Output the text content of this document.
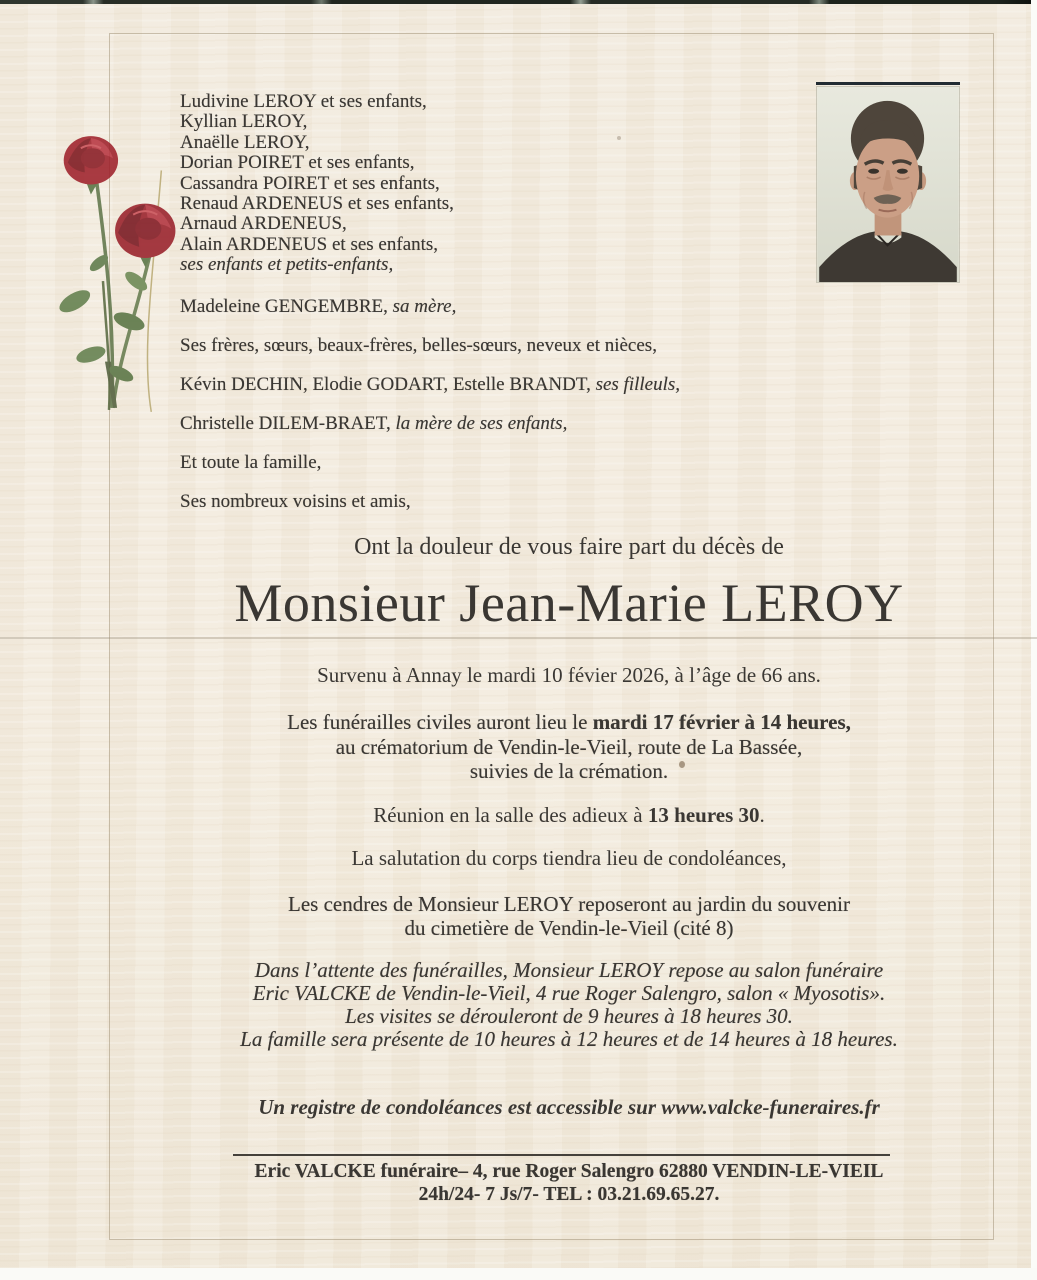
Ludivine LEROY et ses enfants,

Kyllian LEROY,

Anaëlle LEROY,

Dorian POIRET et ses enfants,

Cassandra POIRET et ses enfants,

Renaud ARDENEUS et ses enfants,

Arnaud ARDENEUS,

Alain ARDENEUS et ses enfants,

ses enfants et petits-enfants,

Madeleine GENGEMBRE, sa mère,

Ses frères, sœurs, beaux-frères, belles-sœurs, neveux et nièces,

Kévin DECHIN, Elodie GODART, Estelle BRANDT, ses filleuls,

Christelle DILEM-BRAET, la mère de ses enfants,

Et toute la famille,

Ses nombreux voisins et amis,

Ont la douleur de vous faire part du décès de

Monsieur Jean-Marie LEROY

Survenu à Annay le mardi 10 févier 2026, à l’âge de 66 ans.

Les funérailles civiles auront lieu le mardi 17 février à 14 heures,

au crématorium de Vendin-le-Vieil, route de La Bassée,

suivies de la crémation.

Réunion en la salle des adieux à 13 heures 30.

La salutation du corps tiendra lieu de condoléances,

Les cendres de Monsieur LEROY reposeront au jardin du souvenir

du cimetière de Vendin-le-Vieil (cité 8)

Dans l’attente des funérailles, Monsieur LEROY repose au salon funéraire

Eric VALCKE de Vendin-le-Vieil, 4 rue Roger Salengro, salon « Myosotis».

Les visites se dérouleront de 9 heures à 18 heures 30.

La famille sera présente de 10 heures à 12 heures et de 14 heures à 18 heures.

Un registre de condoléances est accessible sur www.valcke-funeraires.fr

Eric VALCKE funéraire– 4, rue Roger Salengro 62880 VENDIN-LE-VIEIL

24h/24- 7 Js/7- TEL : 03.21.69.65.27.
